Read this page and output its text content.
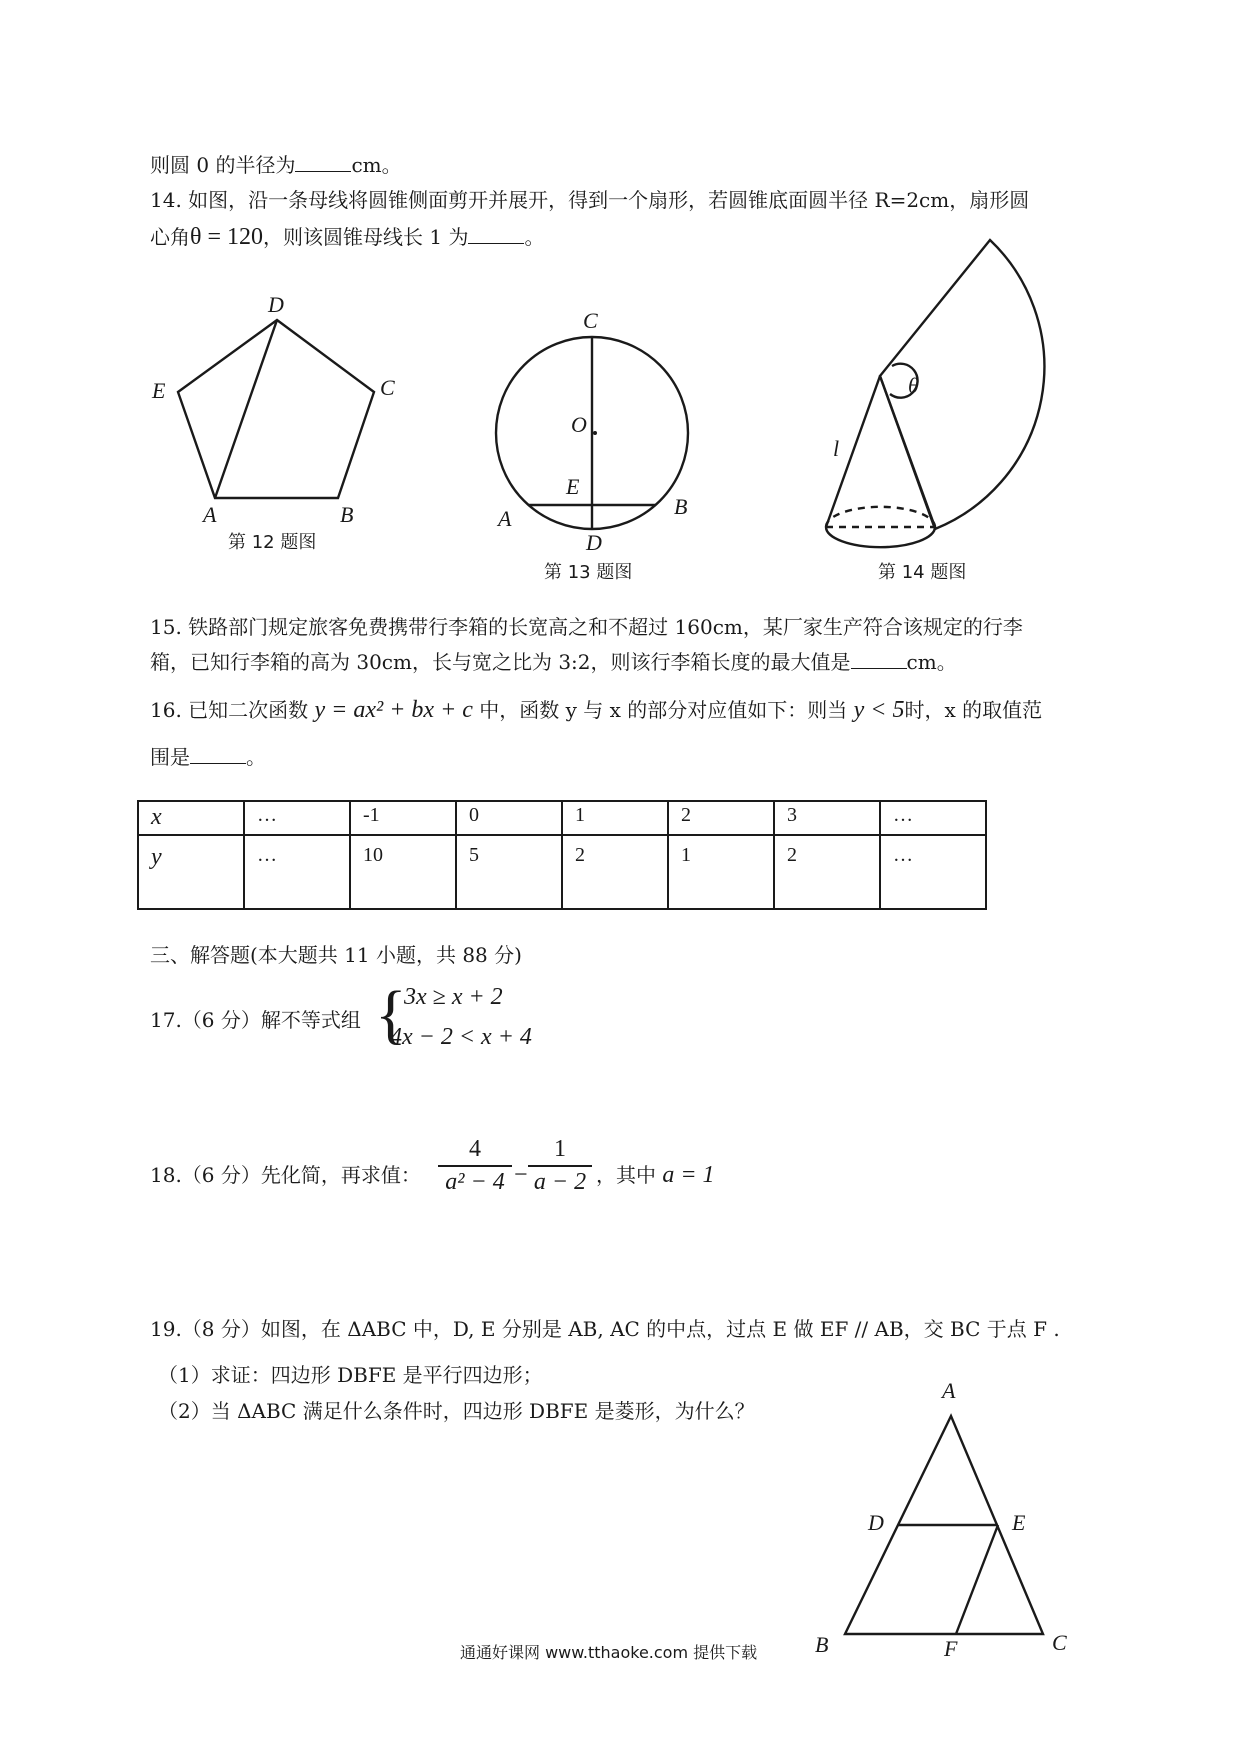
则圆 0 的半径为	cm。
14. 如图，沿一条母线将圆锥侧面剪开并展开，得到一个扇形，若圆锥底面圆半径 R=2cm，扇形圆
心角θ = 120，则该圆锥母线长 1 为	。
D
E	C
A	B
第 12 题图
C
O
E
A	B
D
第 13 题图
θ
l
第 14 题图
15. 铁路部门规定旅客免费携带行李箱的长宽高之和不超过 160cm，某厂家生产符合该规定的行李
箱，已知行李箱的高为 30cm，长与宽之比为 3:2，则该行李箱长度的最大值是	cm。
16. 已知二次函数 y = ax² + bx + c 中，函数 y 与 x 的部分对应值如下：则当 y < 5时，x 的取值范
围是	。
x	…	-1	0	1	2	3	…
y	…	10	5	2	1	2	…
三、解答题(本大题共 11 小题，共 88 分)
17.（6 分）解不等式组 {
3x ≥ x + 2
4x − 2 < x + 4
18.（6 分）先化简，再求值： $\frac{4}{\text{a² − 4}} - \frac{1}{a - 2}$ ，其中 a = 1
19.（8 分）如图，在 ΔABC 中，D, E 分别是 AB, AC 的中点，过点 E 做 EF // AB，交 BC 于点 F .
（1）求证：四边形 DBFE 是平行四边形；
（2）当 ΔABC 满足什么条件时，四边形 DBFE 是菱形，为什么？
A
D	E
B	F	C
通通好课网 www.tthaoke.com 提供下载
